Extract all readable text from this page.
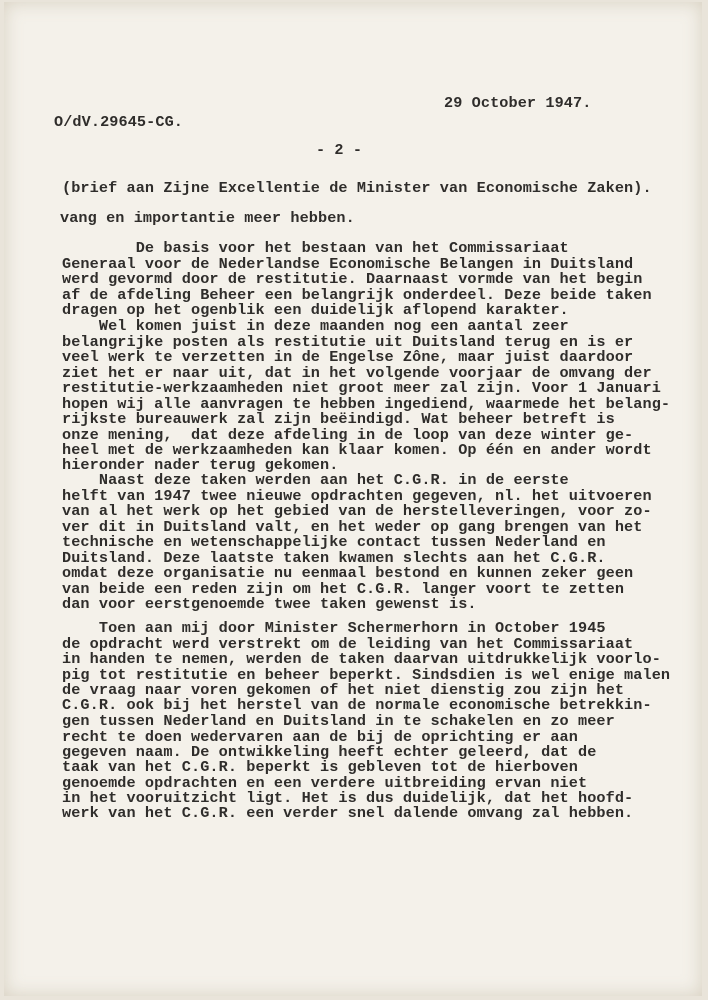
29 October 1947.
O/dV.29645-CG.
- 2 -
(brief aan Zijne Excellentie de Minister van Economische Zaken).
vang en importantie meer hebben.
De basis voor het bestaan van het Commissariaat
Generaal voor de Nederlandse Economische Belangen in Duitsland
werd gevormd door de restitutie. Daarnaast vormde van het begin
af de afdeling Beheer een belangrijk onderdeel. Deze beide taken
dragen op het ogenblik een duidelijk aflopend karakter.
Wel komen juist in deze maanden nog een aantal zeer
belangrijke posten als restitutie uit Duitsland terug en is er
veel werk te verzetten in de Engelse Zône, maar juist daardoor
ziet het er naar uit, dat in het volgende voorjaar de omvang der
restitutie-werkzaamheden niet groot meer zal zijn. Voor 1 Januari
hopen wij alle aanvragen te hebben ingediend, waarmede het belang-
rijkste bureauwerk zal zijn beëindigd. Wat beheer betreft is
onze mening,  dat deze afdeling in de loop van deze winter ge-
heel met de werkzaamheden kan klaar komen. Op één en ander wordt
hieronder nader terug gekomen.
Naast deze taken werden aan het C.G.R. in de eerste
helft van 1947 twee nieuwe opdrachten gegeven, nl. het uitvoeren
van al het werk op het gebied van de herstelleveringen, voor zo-
ver dit in Duitsland valt, en het weder op gang brengen van het
technische en wetenschappelijke contact tussen Nederland en
Duitsland. Deze laatste taken kwamen slechts aan het C.G.R.
omdat deze organisatie nu eenmaal bestond en kunnen zeker geen
van beide een reden zijn om het C.G.R. langer voort te zetten
dan voor eerstgenoemde twee taken gewenst is.
Toen aan mij door Minister Schermerhorn in October 1945
de opdracht werd verstrekt om de leiding van het Commissariaat
in handen te nemen, werden de taken daarvan uitdrukkelijk voorlo-
pig tot restitutie en beheer beperkt. Sindsdien is wel enige malen
de vraag naar voren gekomen of het niet dienstig zou zijn het
C.G.R. ook bij het herstel van de normale economische betrekkin-
gen tussen Nederland en Duitsland in te schakelen en zo meer
recht te doen wedervaren aan de bij de oprichting er aan
gegeven naam. De ontwikkeling heeft echter geleerd, dat de
taak van het C.G.R. beperkt is gebleven tot de hierboven
genoemde opdrachten en een verdere uitbreiding ervan niet
in het vooruitzicht ligt. Het is dus duidelijk, dat het hoofd-
werk van het C.G.R. een verder snel dalende omvang zal hebben.
